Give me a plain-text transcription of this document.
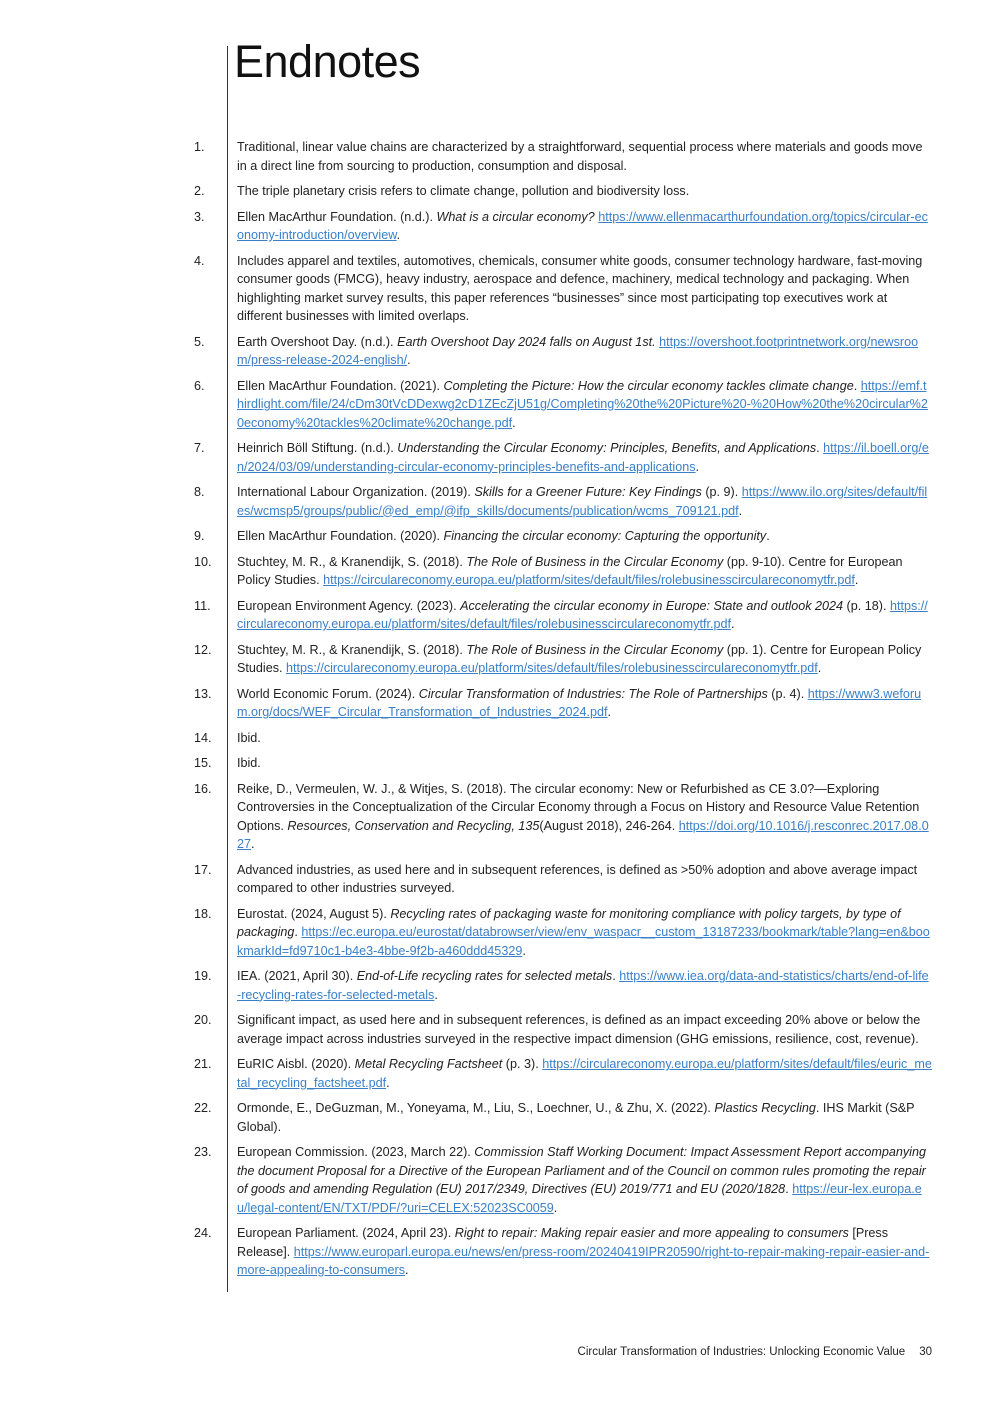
Endnotes
1.	Traditional, linear value chains are characterized by a straightforward, sequential process where materials and goods move in a direct line from sourcing to production, consumption and disposal.
2.	The triple planetary crisis refers to climate change, pollution and biodiversity loss.
3.	Ellen MacArthur Foundation. (n.d.). What is a circular economy? https://www.ellenmacarthurfoundation.org/topics/circular-economy-introduction/overview.
4.	Includes apparel and textiles, automotives, chemicals, consumer white goods, consumer technology hardware, fast-moving consumer goods (FMCG), heavy industry, aerospace and defence, machinery, medical technology and packaging. When highlighting market survey results, this paper references “businesses” since most participating top executives work at different businesses with limited overlaps.
5.	Earth Overshoot Day. (n.d.). Earth Overshoot Day 2024 falls on August 1st. https://overshoot.footprintnetwork.org/newsroom/press-release-2024-english/.
6.	Ellen MacArthur Foundation. (2021). Completing the Picture: How the circular economy tackles climate change. https://emf.thirdlight.com/file/24/cDm30tVcDDexwg2cD1ZEcZjU51g/Completing%20the%20Picture%20-%20How%20the%20circular%20economy%20tackles%20climate%20change.pdf.
7.	Heinrich Böll Stiftung. (n.d.). Understanding the Circular Economy: Principles, Benefits, and Applications. https://il.boell.org/en/2024/03/09/understanding-circular-economy-principles-benefits-and-applications.
8.	International Labour Organization. (2019). Skills for a Greener Future: Key Findings (p. 9). https://www.ilo.org/sites/default/files/wcmsp5/groups/public/@ed_emp/@ifp_skills/documents/publication/wcms_709121.pdf.
9.	Ellen MacArthur Foundation. (2020). Financing the circular economy: Capturing the opportunity.
10. Stuchtey, M. R., & Kranendijk, S. (2018). The Role of Business in the Circular Economy (pp. 9-10). Centre for European Policy Studies. https://circulareconomy.europa.eu/platform/sites/default/files/rolebusinesscirculareconomytfr.pdf.
11. European Environment Agency. (2023). Accelerating the circular economy in Europe: State and outlook 2024 (p. 18). https://circulareconomy.europa.eu/platform/sites/default/files/rolebusinesscirculareconomytfr.pdf.
12. Stuchtey, M. R., & Kranendijk, S. (2018). The Role of Business in the Circular Economy (pp. 1). Centre for European Policy Studies. https://circulareconomy.europa.eu/platform/sites/default/files/rolebusinesscirculareconomytfr.pdf.
13. World Economic Forum. (2024). Circular Transformation of Industries: The Role of Partnerships (p. 4). https://www3.weforum.org/docs/WEF_Circular_Transformation_of_Industries_2024.pdf.
14. Ibid.
15. Ibid.
16. Reike, D., Vermeulen, W. J., & Witjes, S. (2018). The circular economy: New or Refurbished as CE 3.0?—Exploring Controversies in the Conceptualization of the Circular Economy through a Focus on History and Resource Value Retention Options. Resources, Conservation and Recycling, 135(August 2018), 246-264. https://doi.org/10.1016/j.resconrec.2017.08.027.
17. Advanced industries, as used here and in subsequent references, is defined as >50% adoption and above average impact compared to other industries surveyed.
18. Eurostat. (2024, August 5). Recycling rates of packaging waste for monitoring compliance with policy targets, by type of packaging. https://ec.europa.eu/eurostat/databrowser/view/env_waspacr__custom_13187233/bookmark/table?lang=en&bookmarkId=fd9710c1-b4e3-4bbe-9f2b-a460ddd45329.
19. IEA. (2021, April 30). End-of-Life recycling rates for selected metals. https://www.iea.org/data-and-statistics/charts/end-of-life-recycling-rates-for-selected-metals.
20. Significant impact, as used here and in subsequent references, is defined as an impact exceeding 20% above or below the average impact across industries surveyed in the respective impact dimension (GHG emissions, resilience, cost, revenue).
21. EuRIC Aisbl. (2020). Metal Recycling Factsheet (p. 3). https://circulareconomy.europa.eu/platform/sites/default/files/euric_metal_recycling_factsheet.pdf.
22. Ormonde, E., DeGuzman, M., Yoneyama, M., Liu, S., Loechner, U., & Zhu, X. (2022). Plastics Recycling. IHS Markit (S&P Global).
23. European Commission. (2023, March 22). Commission Staff Working Document: Impact Assessment Report accompanying the document Proposal for a Directive of the European Parliament and of the Council on common rules promoting the repair of goods and amending Regulation (EU) 2017/2349, Directives (EU) 2019/771 and EU (2020/1828. https://eur-lex.europa.eu/legal-content/EN/TXT/PDF/?uri=CELEX:52023SC0059.
24. European Parliament. (2024, April 23). Right to repair: Making repair easier and more appealing to consumers [Press Release]. https://www.europarl.europa.eu/news/en/press-room/20240419IPR20590/right-to-repair-making-repair-easier-and-more-appealing-to-consumers.
Circular Transformation of Industries: Unlocking Economic Value 30
